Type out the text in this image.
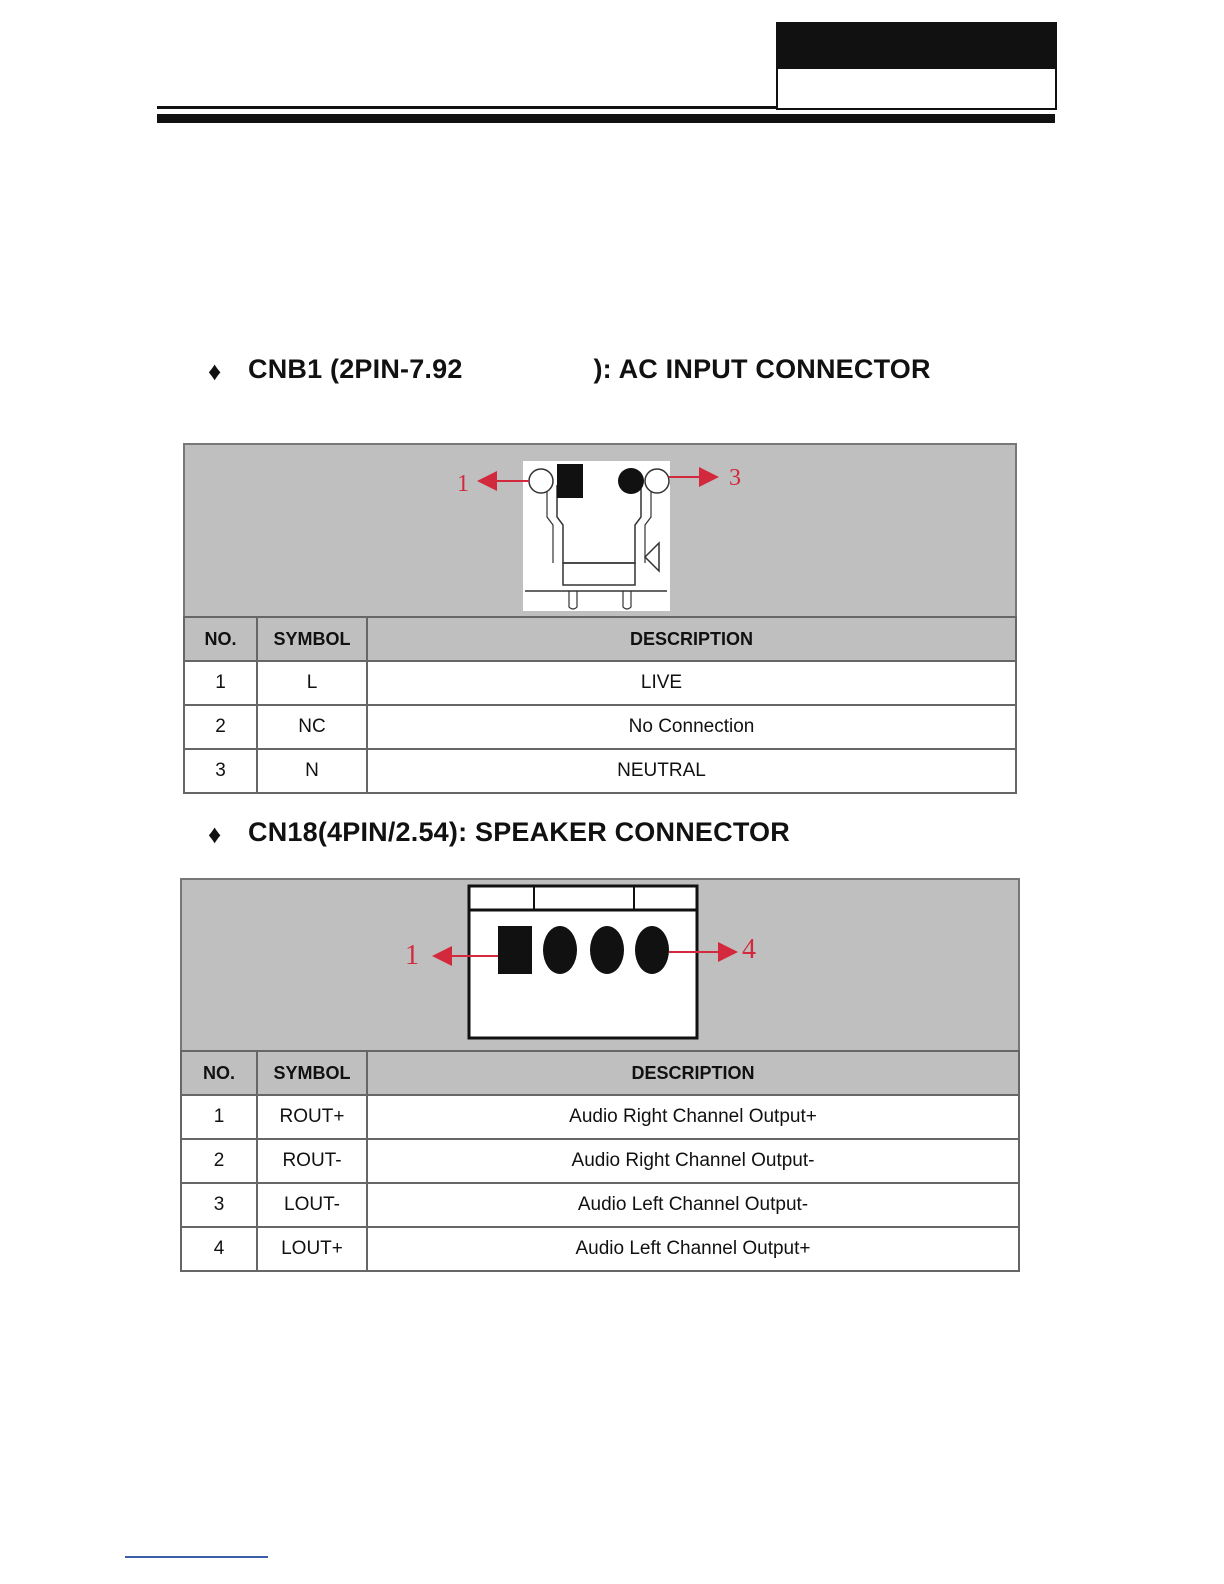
♦ CNB1 (2PIN-7.92                 ): AC INPUT CONNECTOR
1	3
NO.	SYMBOL	DESCRIPTION
1	L	LIVE
2	NC	No Connection
3	N	NEUTRAL
♦ CN18(4PIN/2.54): SPEAKER CONNECTOR
1	4
NO.	SYMBOL	DESCRIPTION
1	ROUT+	Audio Right Channel Output+
2	ROUT-	Audio Right Channel Output-
3	LOUT-	Audio Left Channel Output-
4	LOUT+	Audio Left Channel Output+
